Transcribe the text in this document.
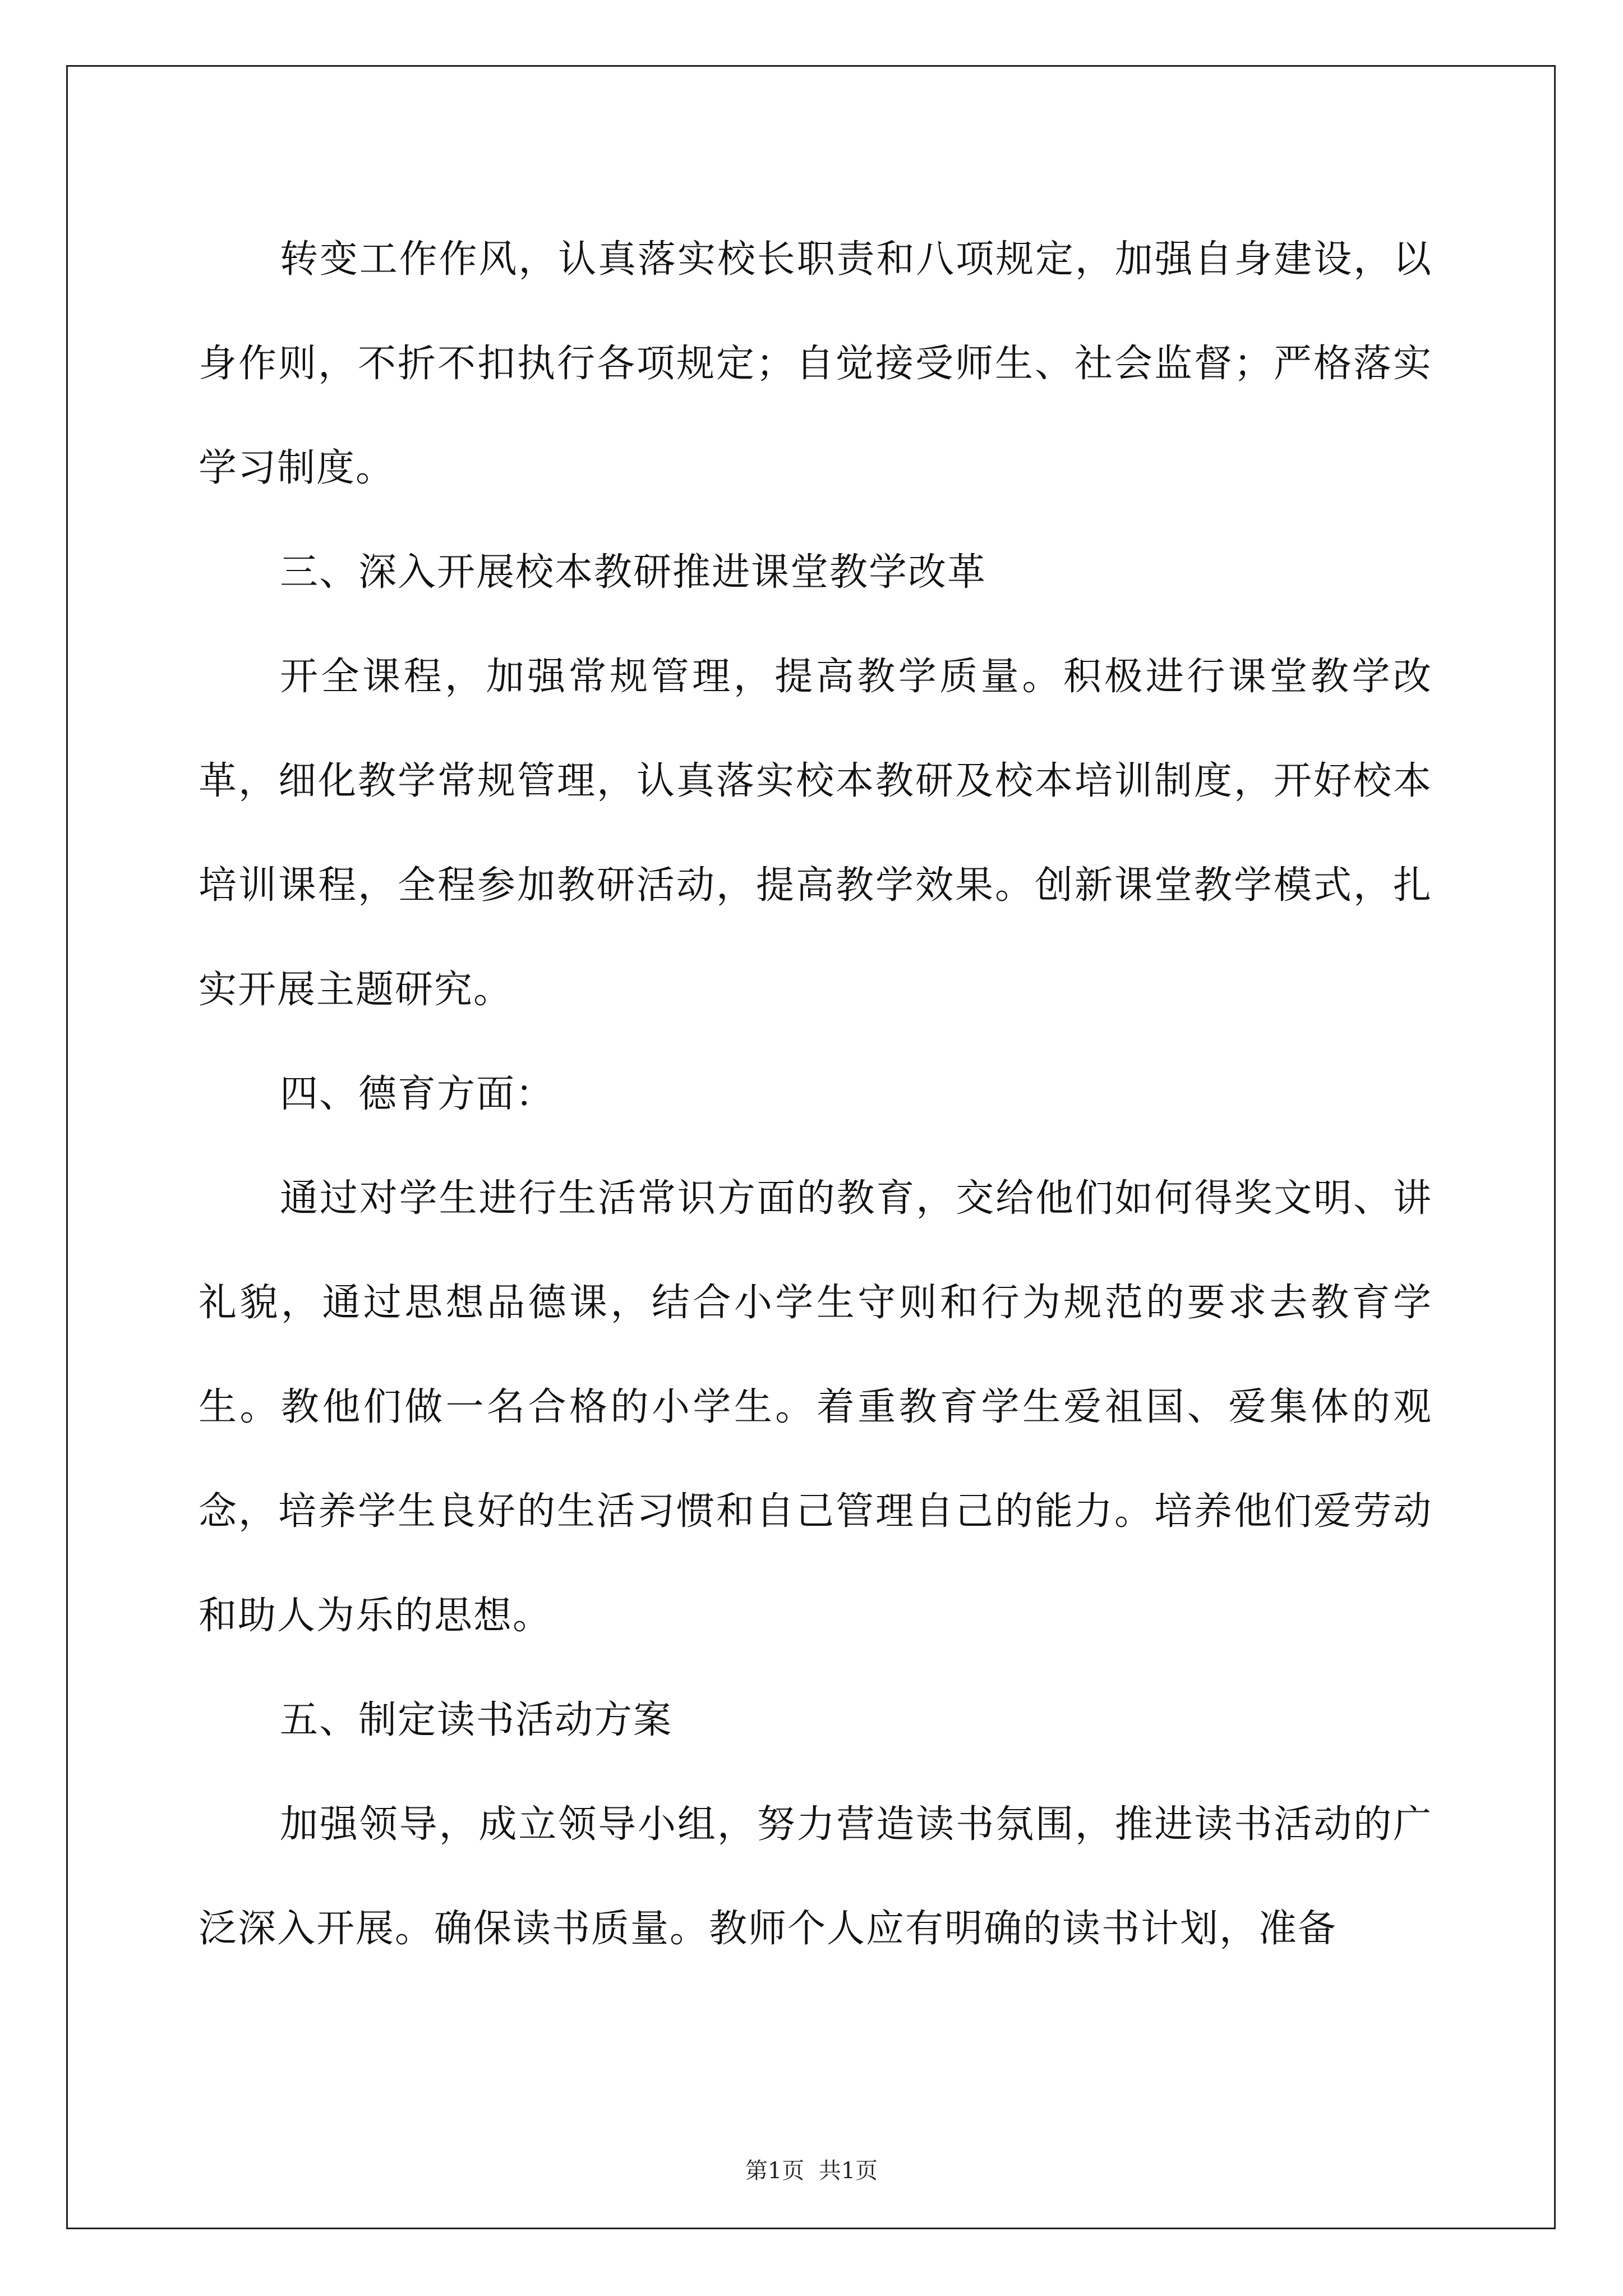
转变工作作风，认真落实校长职责和八项规定，加强自身建设，以身作则，不折不扣执行各项规定；自觉接受师生、社会监督；严格落实学习制度。

三、深入开展校本教研推进课堂教学改革

开全课程，加强常规管理，提高教学质量。积极进行课堂教学改革，细化教学常规管理，认真落实校本教研及校本培训制度，开好校本培训课程，全程参加教研活动，提高教学效果。创新课堂教学模式，扎实开展主题研究。

四、德育方面：

通过对学生进行生活常识方面的教育，交给他们如何得奖文明、讲礼貌，通过思想品德课，结合小学生守则和行为规范的要求去教育学生。教他们做一名合格的小学生。着重教育学生爱祖国、爱集体的观念，培养学生良好的生活习惯和自己管理自己的能力。培养他们爱劳动和助人为乐的思想。

五、制定读书活动方案

加强领导，成立领导小组，努力营造读书氛围，推进读书活动的广泛深入开展。确保读书质量。教师个人应有明确的读书计划，准备

第1页  共1页
